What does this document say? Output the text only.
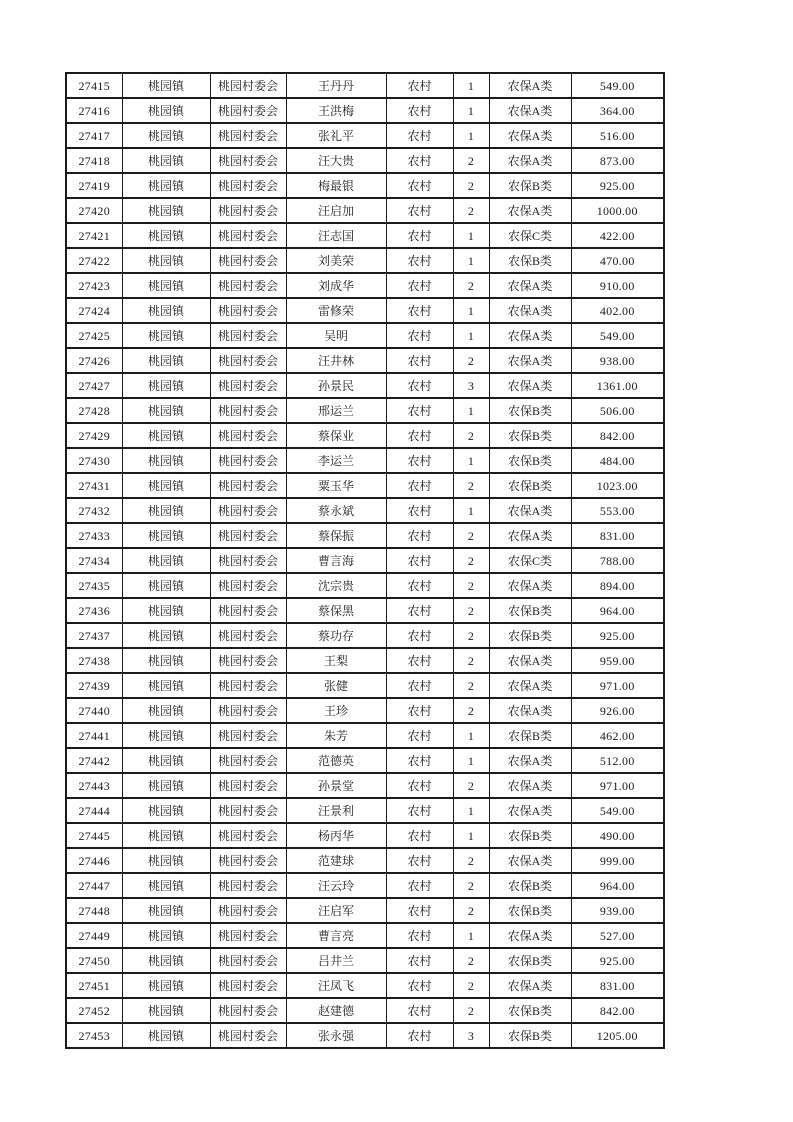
27415	桃园镇	桃园村委会	王丹丹	农村	1	农保A类	549.00
27416	桃园镇	桃园村委会	王洪梅	农村	1	农保A类	364.00
27417	桃园镇	桃园村委会	张礼平	农村	1	农保A类	516.00
27418	桃园镇	桃园村委会	汪大贵	农村	2	农保A类	873.00
27419	桃园镇	桃园村委会	梅最银	农村	2	农保B类	925.00
27420	桃园镇	桃园村委会	汪启加	农村	2	农保A类	1000.00
27421	桃园镇	桃园村委会	汪志国	农村	1	农保C类	422.00
27422	桃园镇	桃园村委会	刘美荣	农村	1	农保B类	470.00
27423	桃园镇	桃园村委会	刘成华	农村	2	农保A类	910.00
27424	桃园镇	桃园村委会	雷修荣	农村	1	农保A类	402.00
27425	桃园镇	桃园村委会	吴明	农村	1	农保A类	549.00
27426	桃园镇	桃园村委会	汪井林	农村	2	农保A类	938.00
27427	桃园镇	桃园村委会	孙景民	农村	3	农保A类	1361.00
27428	桃园镇	桃园村委会	邢运兰	农村	1	农保B类	506.00
27429	桃园镇	桃园村委会	蔡保业	农村	2	农保B类	842.00
27430	桃园镇	桃园村委会	李运兰	农村	1	农保B类	484.00
27431	桃园镇	桃园村委会	粟玉华	农村	2	农保B类	1023.00
27432	桃园镇	桃园村委会	蔡永斌	农村	1	农保A类	553.00
27433	桃园镇	桃园村委会	蔡保振	农村	2	农保A类	831.00
27434	桃园镇	桃园村委会	曹言海	农村	2	农保C类	788.00
27435	桃园镇	桃园村委会	沈宗贵	农村	2	农保A类	894.00
27436	桃园镇	桃园村委会	蔡保黑	农村	2	农保B类	964.00
27437	桃园镇	桃园村委会	蔡功存	农村	2	农保B类	925.00
27438	桃园镇	桃园村委会	王梨	农村	2	农保A类	959.00
27439	桃园镇	桃园村委会	张健	农村	2	农保A类	971.00
27440	桃园镇	桃园村委会	王珍	农村	2	农保A类	926.00
27441	桃园镇	桃园村委会	朱芳	农村	1	农保B类	462.00
27442	桃园镇	桃园村委会	范德英	农村	1	农保A类	512.00
27443	桃园镇	桃园村委会	孙景堂	农村	2	农保A类	971.00
27444	桃园镇	桃园村委会	汪景利	农村	1	农保A类	549.00
27445	桃园镇	桃园村委会	杨丙华	农村	1	农保B类	490.00
27446	桃园镇	桃园村委会	范建球	农村	2	农保A类	999.00
27447	桃园镇	桃园村委会	汪云玲	农村	2	农保B类	964.00
27448	桃园镇	桃园村委会	汪启军	农村	2	农保B类	939.00
27449	桃园镇	桃园村委会	曹言亮	农村	1	农保A类	527.00
27450	桃园镇	桃园村委会	吕井兰	农村	2	农保B类	925.00
27451	桃园镇	桃园村委会	汪凤飞	农村	2	农保A类	831.00
27452	桃园镇	桃园村委会	赵建德	农村	2	农保B类	842.00
27453	桃园镇	桃园村委会	张永强	农村	3	农保B类	1205.00
